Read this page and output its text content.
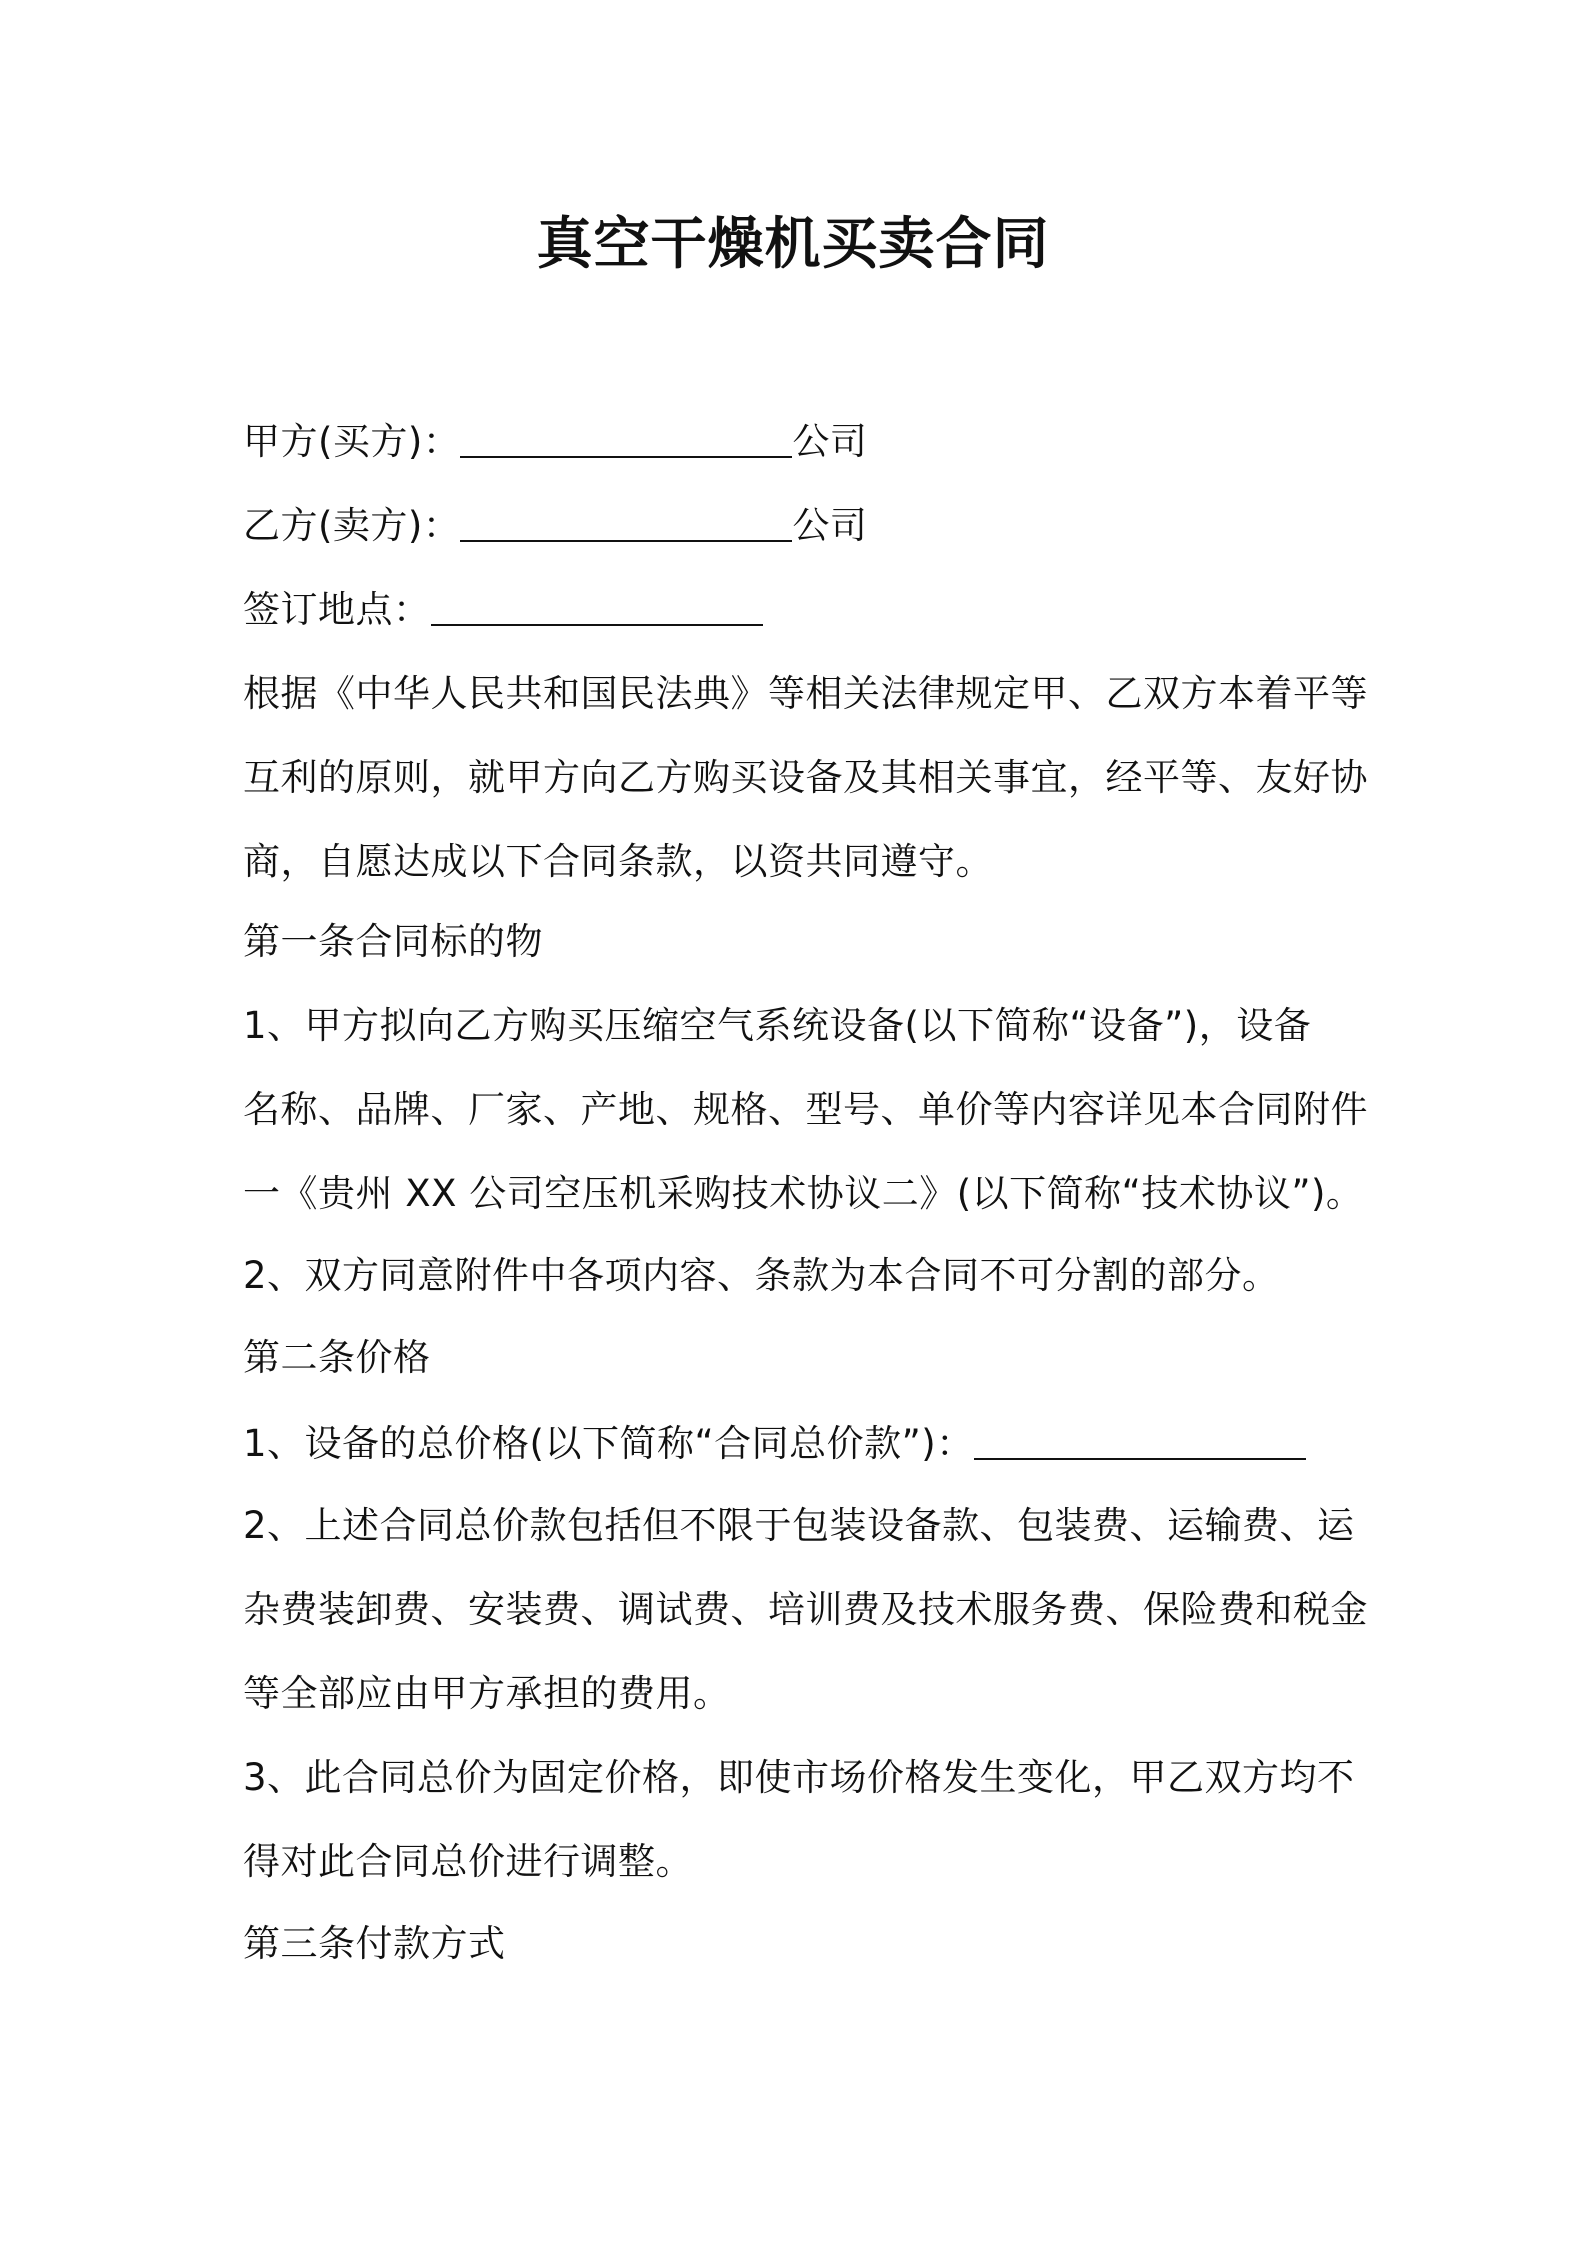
真空干燥机买卖合同
甲方(买方)：	公司
乙方(卖方)：	公司
签订地点：
根据《中华人民共和国民法典》等相关法律规定甲、乙双方本着平等
互利的原则，就甲方向乙方购买设备及其相关事宜，经平等、友好协
商，自愿达成以下合同条款，以资共同遵守。
第一条合同标的物
1、甲方拟向乙方购买压缩空气系统设备(以下简称“设备”)，设备
名称、品牌、厂家、产地、规格、型号、单价等内容详见本合同附件
一《贵州 XX 公司空压机采购技术协议二》(以下简称“技术协议”)。
2、双方同意附件中各项内容、条款为本合同不可分割的部分。
第二条价格
1、设备的总价格(以下简称“合同总价款”)：
2、上述合同总价款包括但不限于包装设备款、包装费、运输费、运
杂费装卸费、安装费、调试费、培训费及技术服务费、保险费和税金
等全部应由甲方承担的费用。
3、此合同总价为固定价格，即使市场价格发生变化，甲乙双方均不
得对此合同总价进行调整。
第三条付款方式
